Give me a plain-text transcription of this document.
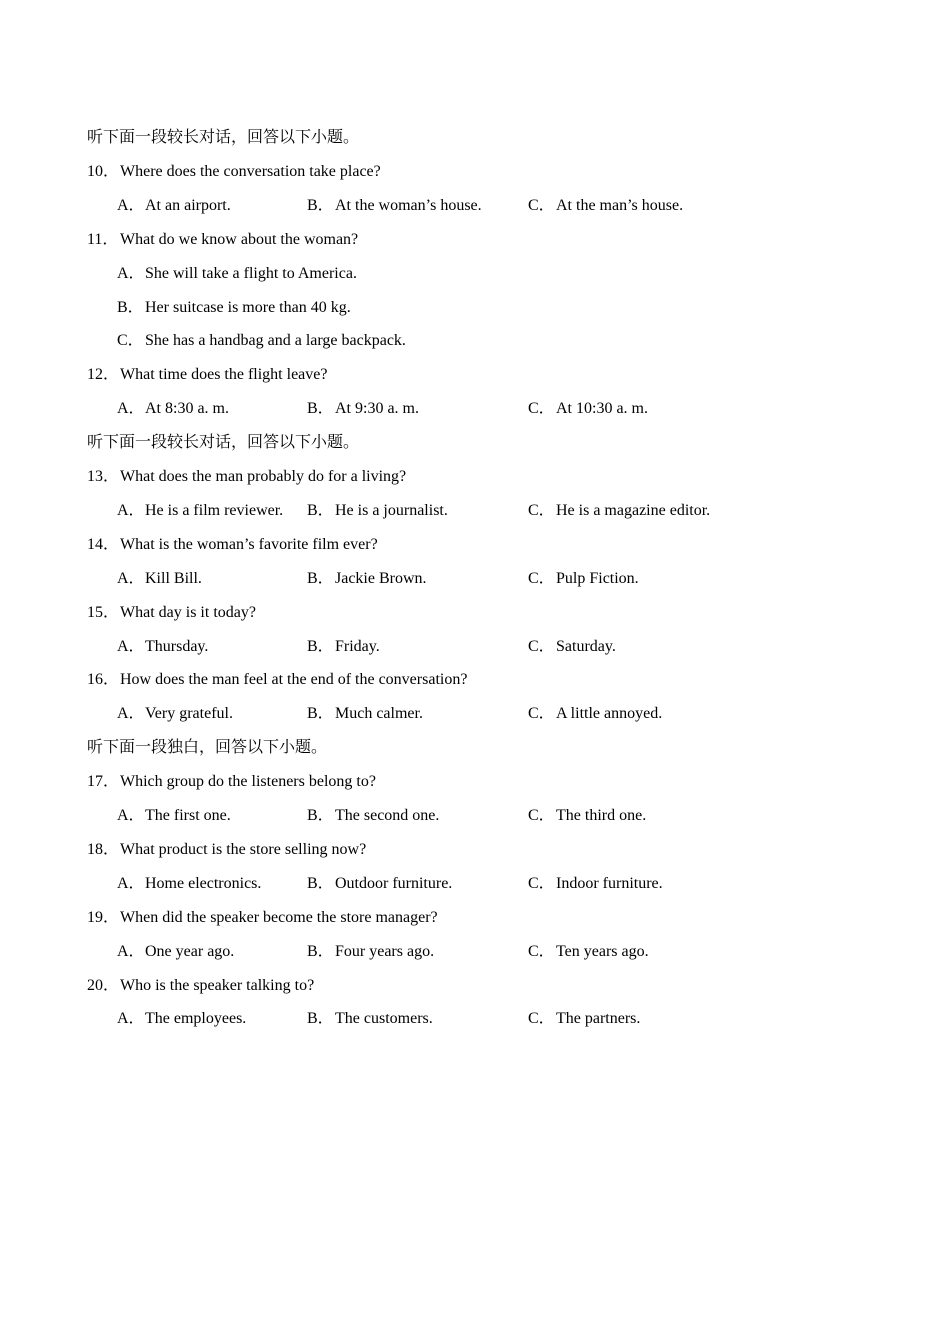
听下面一段较长对话，回答以下小题。
10． Where does the conversation take place?
A．At an airport.	B．At the woman’s house.	C．At the man’s house.
11． What do we know about the woman?
A．She will take a flight to America.
B．Her suitcase is more than 40 kg.
C．She has a handbag and a large backpack.
12． What time does the flight leave?
A．At 8:30 a. m.	B．At 9:30 a. m.	C．At 10:30 a. m.
听下面一段较长对话，回答以下小题。
13． What does the man probably do for a living?
A．He is a film reviewer. B．He is a journalist.	C．He is a magazine editor.
14． What is the woman’s favorite film ever?
A．Kill Bill.	B．Jackie Brown.	C．Pulp Fiction.
15． What day is it today?
A．Thursday.	B．Friday.	C．Saturday.
16． How does the man feel at the end of the conversation?
A．Very grateful.	B．Much calmer.	C．A little annoyed.
听下面一段独白，回答以下小题。
17． Which group do the listeners belong to?
A．The first one.	B．The second one.	C．The third one.
18． What product is the store selling now?
A．Home electronics.	B．Outdoor furniture.	C．Indoor furniture.
19． When did the speaker become the store manager?
A．One year ago.	B．Four years ago.	C．Ten years ago.
20． Who is the speaker talking to?
A．The employees.	B．The customers.	C．The partners.
